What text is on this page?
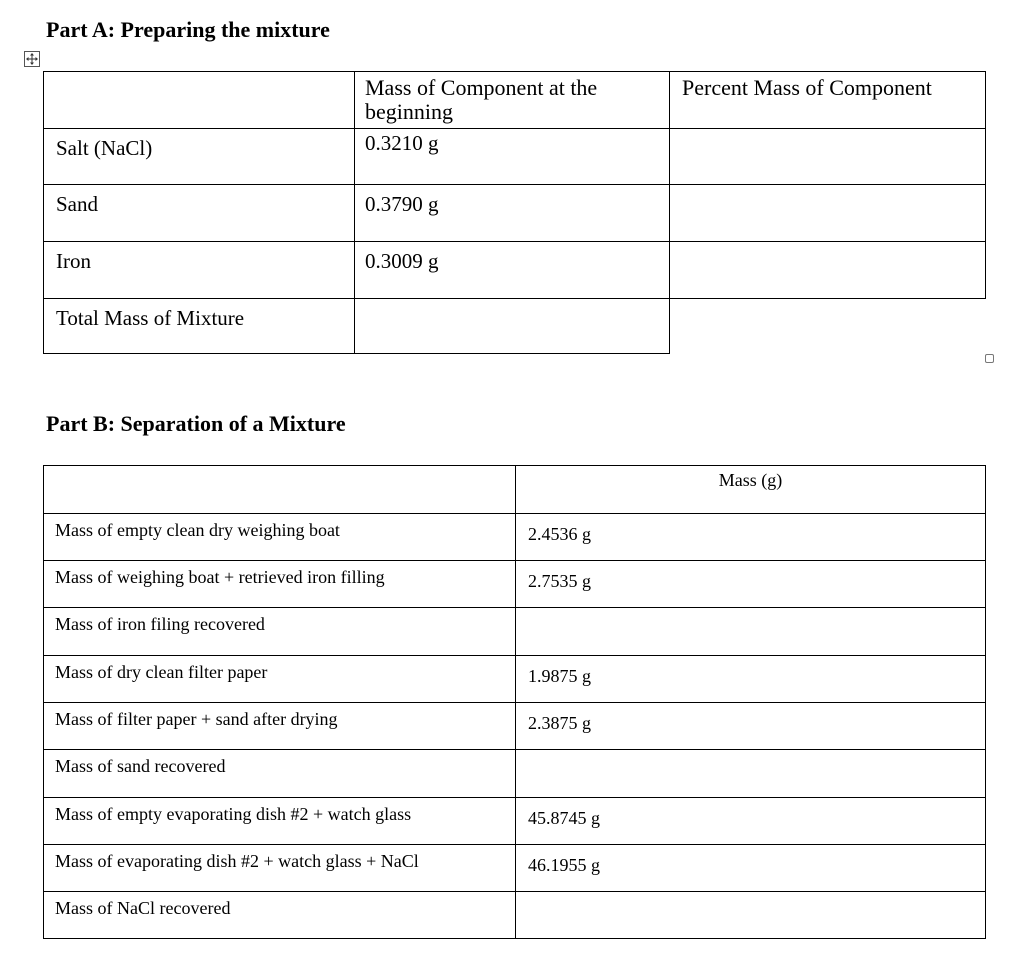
Part A: Preparing the mixture
	Mass of Component at the beginning	Percent Mass of Component
Salt (NaCl)	0.3210 g	
Sand	0.3790 g	
Iron	0.3009 g	
Total Mass of Mixture		
Part B: Separation of a Mixture
	Mass (g)
Mass of empty clean dry weighing boat	2.4536 g
Mass of weighing boat + retrieved iron filling	2.7535 g
Mass of iron filing recovered	
Mass of dry clean filter paper	1.9875 g
Mass of filter paper + sand after drying	2.3875 g
Mass of sand recovered	
Mass of empty evaporating dish #2 + watch glass	45.8745 g
Mass of evaporating dish #2 + watch glass + NaCl	46.1955 g
Mass of NaCl recovered	
